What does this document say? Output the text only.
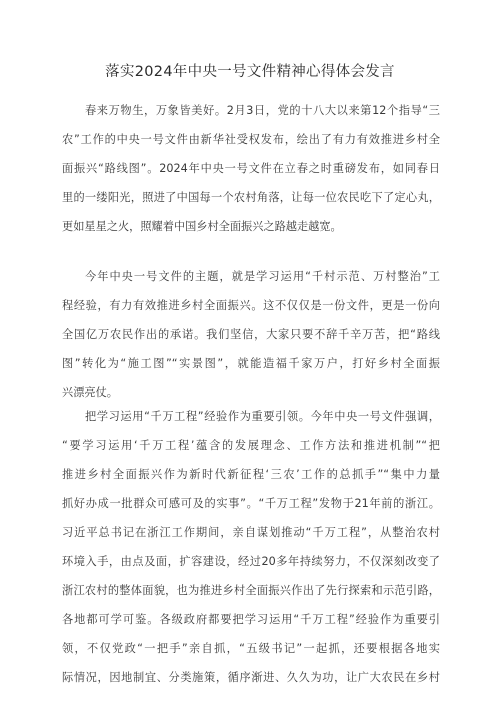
落实2024年中央一号文件精神心得体会发言
春来万物生，万象皆美好。2月3日，党的十八大以来第12个指导“三
农”工作的中央一号文件由新华社受权发布，绘出了有力有效推进乡村全
面振兴“路线图”。2024年中央一号文件在立春之时重磅发布，如同春日
里的一缕阳光，照进了中国每一个农村角落，让每一位农民吃下了定心丸，
更如星星之火，照耀着中国乡村全面振兴之路越走越宽。
今年中央一号文件的主题，就是学习运用“千村示范、万村整治”工
程经验，有力有效推进乡村全面振兴。这不仅仅是一份文件，更是一份向
全国亿万农民作出的承诺。我们坚信，大家只要不辞千辛万苦，把“路线
图”转化为“施工图”“实景图”，就能造福千家万户，打好乡村全面振
兴漂亮仗。
把学习运用“千万工程”经验作为重要引领。今年中央一号文件强调，
“要学习运用‘千万工程’蕴含的发展理念、工作方法和推进机制”“把
推进乡村全面振兴作为新时代新征程‘三农’工作的总抓手”“集中力量
抓好办成一批群众可感可及的实事”。“千万工程”发物于21年前的浙江。
习近平总书记在浙江工作期间，亲自谋划推动“千万工程”，从整治农村
环境入手，由点及面，扩容建设，经过20多年持续努力，不仅深刻改变了
浙江农村的整体面貌，也为推进乡村全面振兴作出了先行探索和示范引路，
各地都可学可鉴。各级政府都要把学习运用“千万工程”经验作为重要引
领，不仅党政“一把手”亲自抓，“五级书记”一起抓，还要根据各地实
际情况，因地制宜、分类施策，循序渐进、久久为功，让广大农民在乡村
